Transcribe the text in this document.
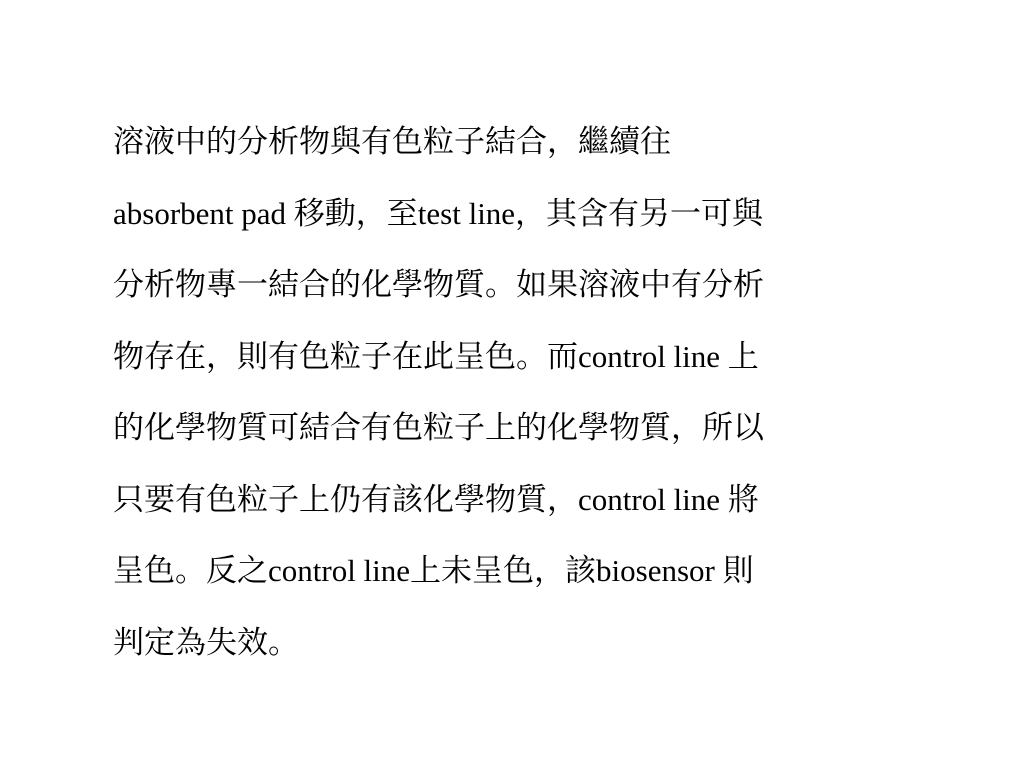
溶液中的分析物與有色粒子結合，繼續往
absorbent pad 移動，至test line，其含有另一可與
分析物專一結合的化學物質。如果溶液中有分析
物存在，則有色粒子在此呈色。而control line 上
的化學物質可結合有色粒子上的化學物質，所以
只要有色粒子上仍有該化學物質，control line 將
呈色。反之control line上未呈色，該biosensor 則
判定為失效。
